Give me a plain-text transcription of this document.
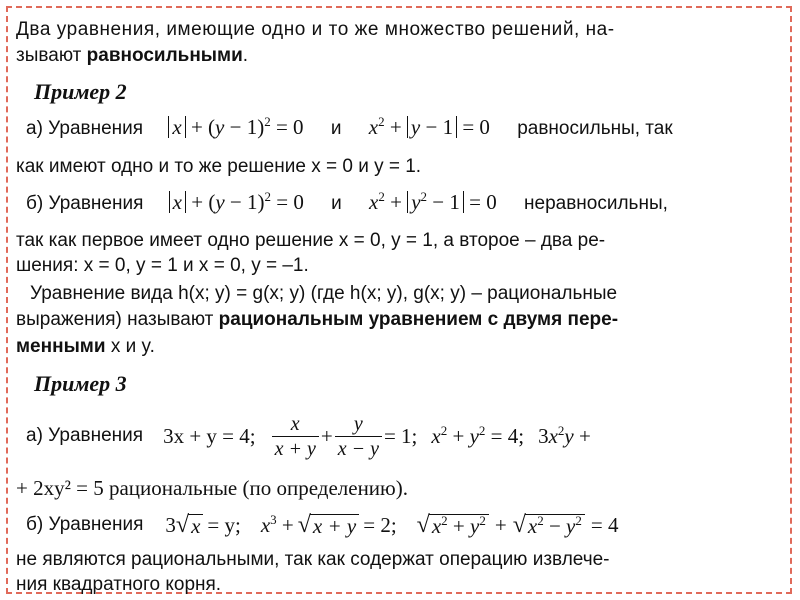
Два уравнения, имеющие одно и то же множество решений, на-
зывают равносильными.
Пример 2
а) Уравнения $x + (y - 1)^2 = 0$ и $x^2 + y - 1 = 0$ равносильны, так
как имеют одно и то же решение x = 0 и y = 1.
б) Уравнения $x + (y - 1)^2 = 0$ и $x^2 + y^2 - 1 = 0$ неравносильны,
так как первое имеет одно решение x = 0, y = 1, а второе – два ре-
шения: x = 0, y = 1 и x = 0, y = –1.
Уравнение вида h(x; y) = g(x; y) (где h(x; y), g(x; y) – рациональные
выражения) называют рациональным уравнением с двумя пере-
менными x и y.
Пример 3
а) Уравнения 3x + y = 4; $\frac{x}{x + y} + \frac{y}{x - y} = 1$; $x^2 + y^2 = 4$; $3x^2y$ +
+ 2xy² = 5 рациональные (по определению).
б) Уравнения 3 √ x = y; $x^3$ + √ x + y = 2; √ $x^2 + y^2$ + √ $x^2 - y^2 = 4$
не являются рациональными, так как содержат операцию извлече-
ния квадратного корня.
